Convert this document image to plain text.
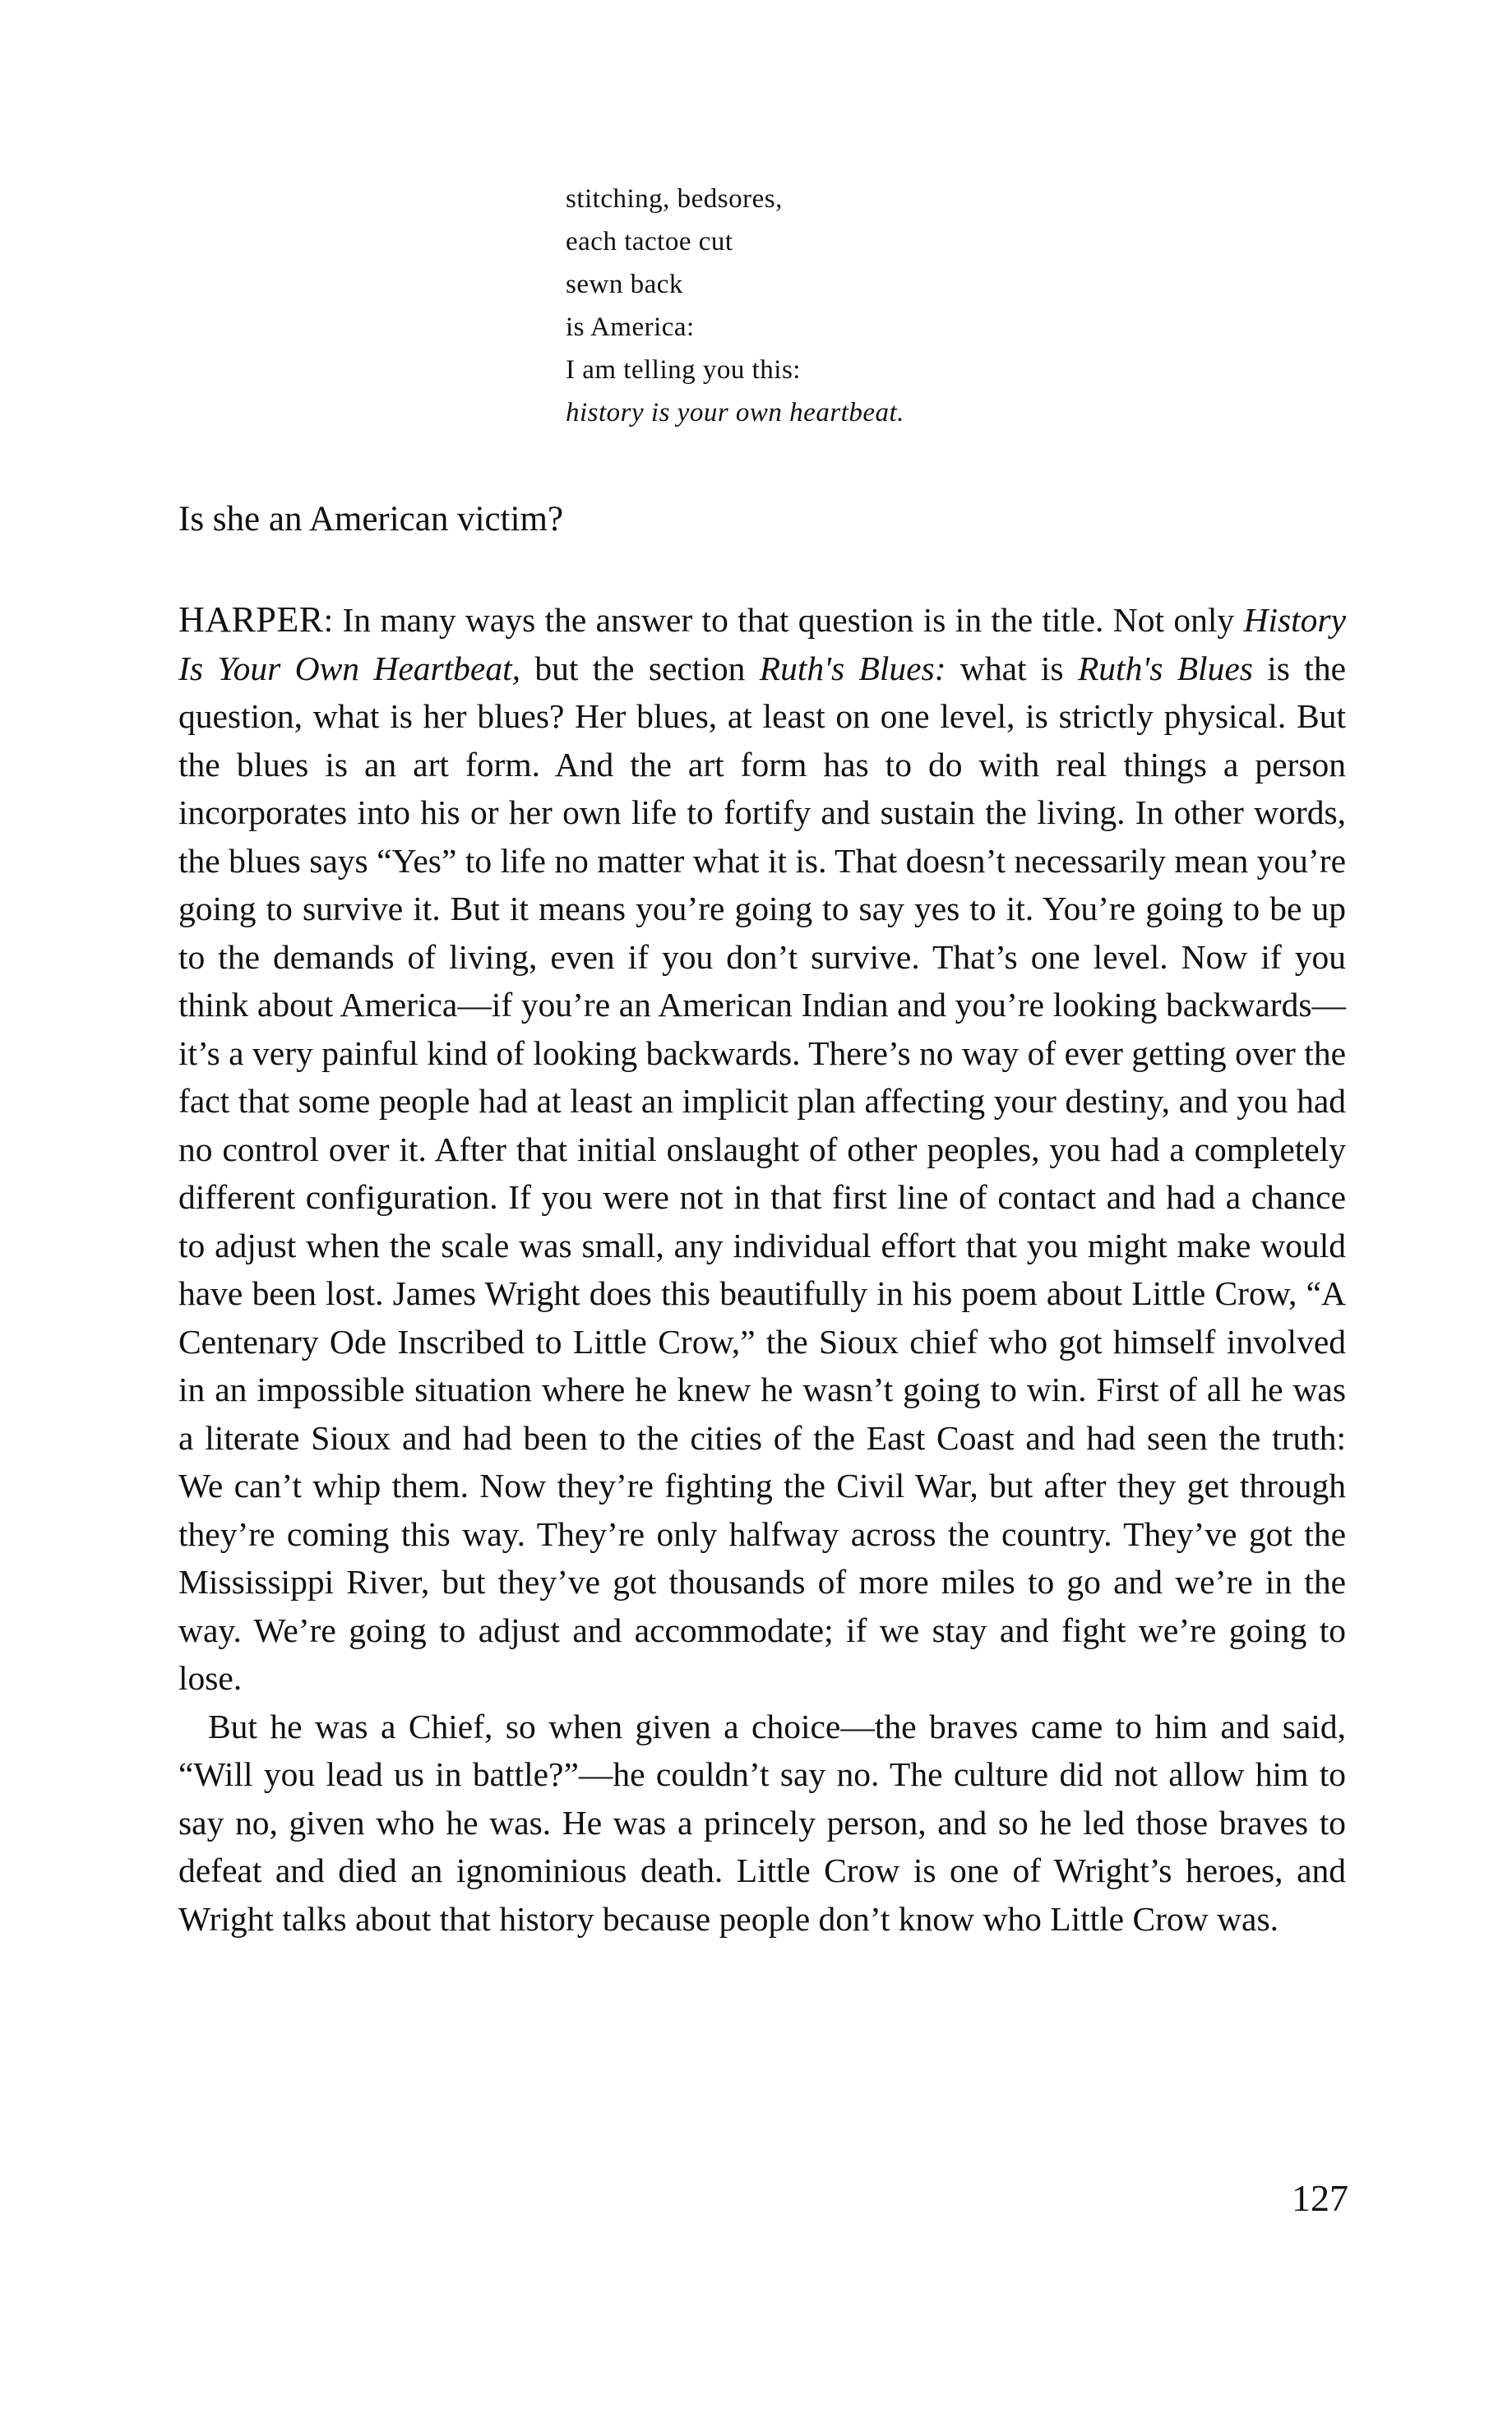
stitching, bedsores,
each tactoe cut
sewn back
is America:
I am telling you this:
history is your own heartbeat.
Is she an American victim?

HARPER: In many ways the answer to that question is in the title. Not only History Is Your Own Heartbeat, but the section Ruth's Blues: what is Ruth's Blues is the question, what is her blues? Her blues, at least on one level, is strictly physical. But the blues is an art form. And the art form has to do with real things a person incorporates into his or her own life to fortify and sustain the living. In other words, the blues says “Yes” to life no matter what it is. That doesn’t necessarily mean you’re going to survive it. But it means you’re going to say yes to it. You’re going to be up to the demands of living, even if you don’t survive. That’s one level. Now if you think about America—if you’re an American Indian and you’re looking backwards—it’s a very painful kind of looking backwards. There’s no way of ever getting over the fact that some people had at least an implicit plan affecting your destiny, and you had no control over it. After that initial onslaught of other peoples, you had a completely different configuration. If you were not in that first line of contact and had a chance to adjust when the scale was small, any individual effort that you might make would have been lost. James Wright does this beautifully in his poem about Little Crow, “A Centenary Ode Inscribed to Little Crow,” the Sioux chief who got himself involved in an impossible situation where he knew he wasn’t going to win. First of all he was a literate Sioux and had been to the cities of the East Coast and had seen the truth: We can’t whip them. Now they’re fighting the Civil War, but after they get through they’re coming this way. They’re only halfway across the country. They’ve got the Mississippi River, but they’ve got thousands of more miles to go and we’re in the way. We’re going to adjust and accommodate; if we stay and fight we’re going to lose.

But he was a Chief, so when given a choice—the braves came to him and said, “Will you lead us in battle?”—he couldn’t say no. The culture did not allow him to say no, given who he was. He was a princely person, and so he led those braves to defeat and died an ignominious death. Little Crow is one of Wright’s heroes, and Wright talks about that history because people don’t know who Little Crow was.

127
